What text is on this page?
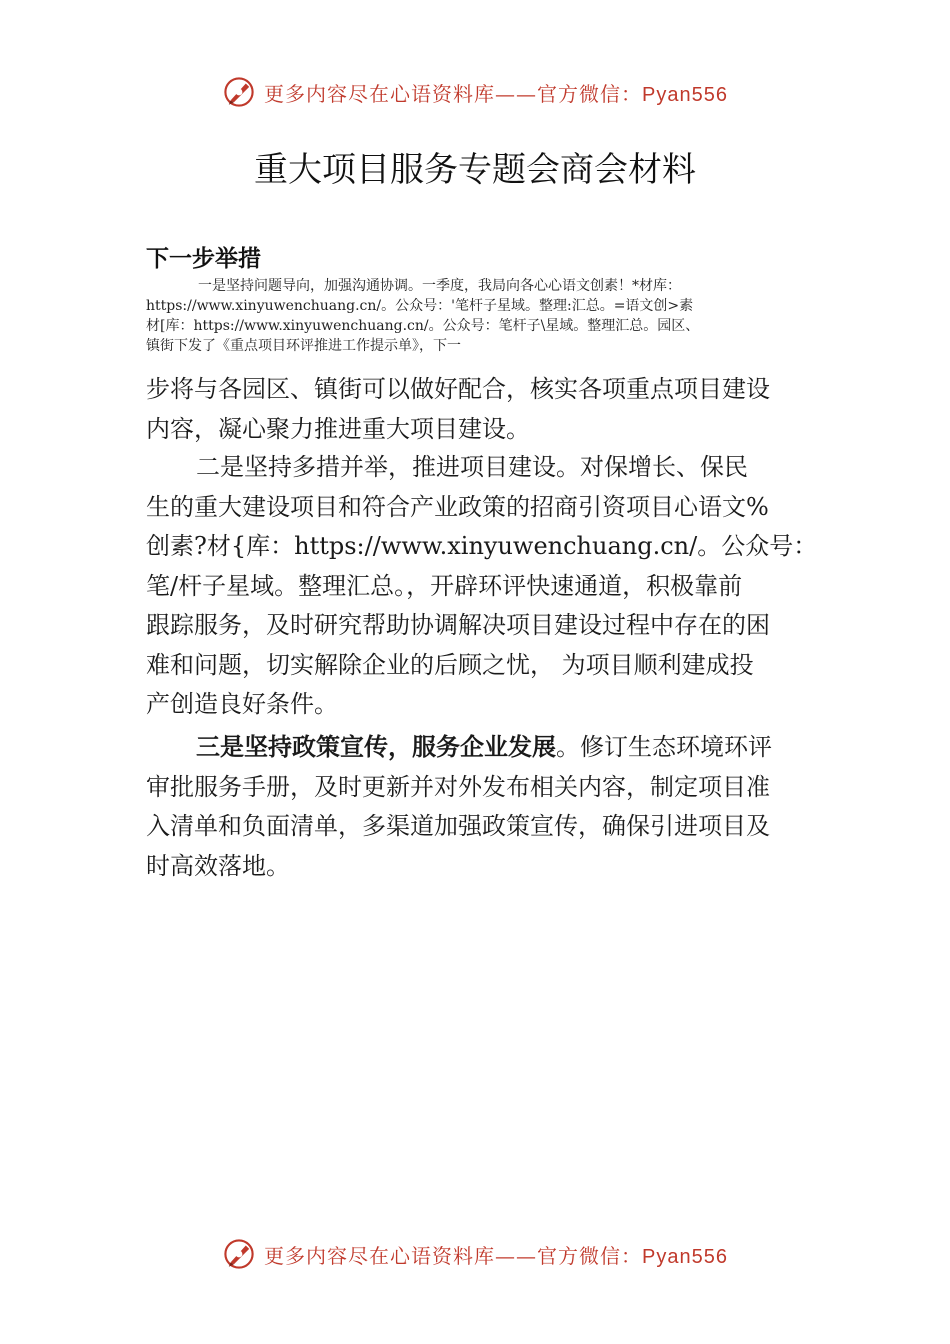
更多内容尽在心语资料库——官方微信：Pyan556
重大项目服务专题会商会材料
下一步举措
一是坚持问题导向，加强沟通协调。一季度，我局向各心心语文创素！*材库：
https://www.xinyuwenchuang.cn/。公众号：'笔杆子星域。整理:汇总。=语文创>素
材[库：https://www.xinyuwenchuang.cn/。公众号：笔杆子\星域。整理汇总。园区、
镇街下发了《重点项目环评推进工作提示单》，下一
步将与各园区、镇街可以做好配合，核实各项重点项目建设
内容，凝心聚力推进重大项目建设。
二是坚持多措并举，推进项目建设。对保增长、保民
生的重大建设项目和符合产业政策的招商引资项目心语文%
创素?材{库：https://www.xinyuwenchuang.cn/。公众号：
笔/杆子星域。整理汇总。，开辟环评快速通道，积极靠前
跟踪服务，及时研究帮助协调解决项目建设过程中存在的困
难和问题，切实解除企业的后顾之忧， 为项目顺利建成投
产创造良好条件。
三是坚持政策宣传，服务企业发展。修订生态环境环评
审批服务手册，及时更新并对外发布相关内容，制定项目准
入清单和负面清单，多渠道加强政策宣传，确保引进项目及
时高效落地。
更多内容尽在心语资料库——官方微信：Pyan556
